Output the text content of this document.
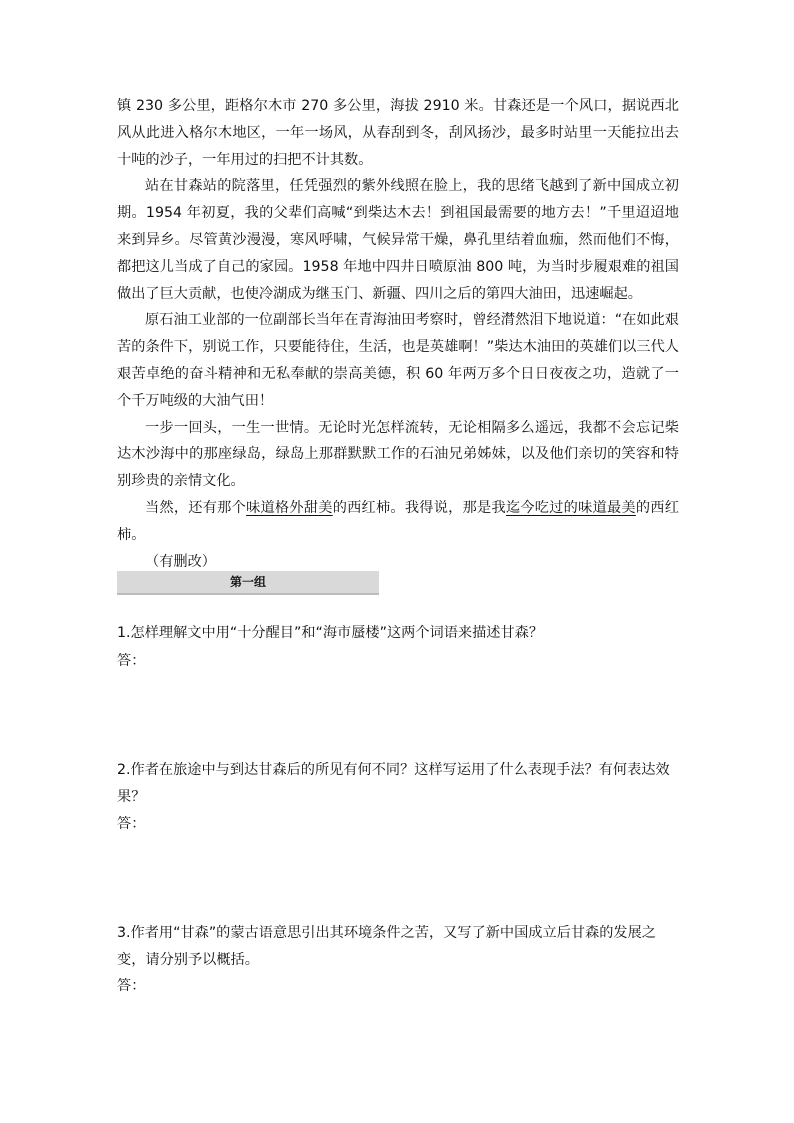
镇 230 多公里，距格尔木市 270 多公里，海拔 2910 米。甘森还是一个风口，据说西北风从此进入格尔木地区，一年一场风，从春刮到冬，刮风扬沙，最多时站里一天能拉出去十吨的沙子，一年用过的扫把不计其数。

站在甘森站的院落里，任凭强烈的紫外线照在脸上，我的思绪飞越到了新中国成立初期。1954 年初夏，我的父辈们高喊“到柴达木去！到祖国最需要的地方去！”千里迢迢地来到异乡。尽管黄沙漫漫，寒风呼啸，气候异常干燥，鼻孔里结着血痂，然而他们不悔，都把这儿当成了自己的家园。1958 年地中四井日喷原油 800 吨，为当时步履艰难的祖国做出了巨大贡献，也使冷湖成为继玉门、新疆、四川之后的第四大油田，迅速崛起。

原石油工业部的一位副部长当年在青海油田考察时，曾经潸然泪下地说道：“在如此艰苦的条件下，别说工作，只要能待住，生活，也是英雄啊！”柴达木油田的英雄们以三代人艰苦卓绝的奋斗精神和无私奉献的崇高美德，积 60 年两万多个日日夜夜之功，造就了一个千万吨级的大油气田！

一步一回头，一生一世情。无论时光怎样流转，无论相隔多么遥远，我都不会忘记柴达木沙海中的那座绿岛，绿岛上那群默默工作的石油兄弟姊妹，以及他们亲切的笑容和特别珍贵的亲情文化。

当然，还有那个味道格外甜美的西红柿。我得说，那是我迄今吃过的味道最美的西红柿。

（有删改）

第一组

1.怎样理解文中用“十分醒目”和“海市蜃楼”这两个词语来描述甘森？

答：

2.作者在旅途中与到达甘森后的所见有何不同？这样写运用了什么表现手法？有何表达效果？

答：

3.作者用“甘森”的蒙古语意思引出其环境条件之苦，又写了新中国成立后甘森的发展之变，请分别予以概括。

答：
